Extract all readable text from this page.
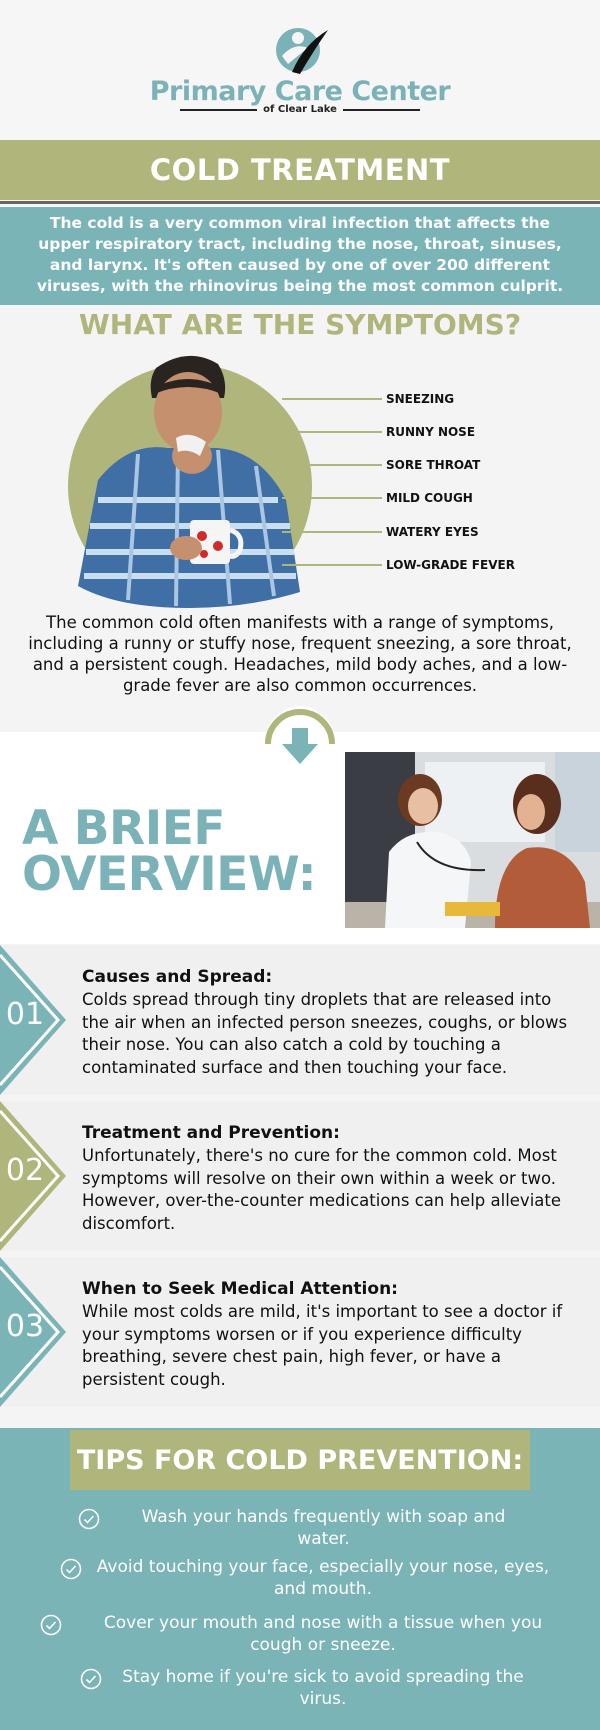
Primary Care Center
of Clear Lake
COLD TREATMENT
The cold is a very common viral infection that affects the upper respiratory tract, including the nose, throat, sinuses, and larynx. It's often caused by one of over 200 different viruses, with the rhinovirus being the most common culprit.
WHAT ARE THE SYMPTOMS?
SNEEZING
RUNNY NOSE
SORE THROAT
MILD COUGH
WATERY EYES
LOW-GRADE FEVER
The common cold often manifests with a range of symptoms, including a runny or stuffy nose, frequent sneezing, a sore throat, and a persistent cough. Headaches, mild body aches, and a low-grade fever are also common occurrences.
A BRIEF
OVERVIEW:
01
Causes and Spread:
Colds spread through tiny droplets that are released into the air when an infected person sneezes, coughs, or blows their nose. You can also catch a cold by touching a contaminated surface and then touching your face.
02
Treatment and Prevention:
Unfortunately, there's no cure for the common cold. Most symptoms will resolve on their own within a week or two. However, over-the-counter medications can help alleviate discomfort.
03
When to Seek Medical Attention:
While most colds are mild, it's important to see a doctor if your symptoms worsen or if you experience difficulty breathing, severe chest pain, high fever, or have a persistent cough.
TIPS FOR COLD PREVENTION:
Wash your hands frequently with soap and water.
Avoid touching your face, especially your nose, eyes, and mouth.
Cover your mouth and nose with a tissue when you cough or sneeze.
Stay home if you're sick to avoid spreading the virus.
